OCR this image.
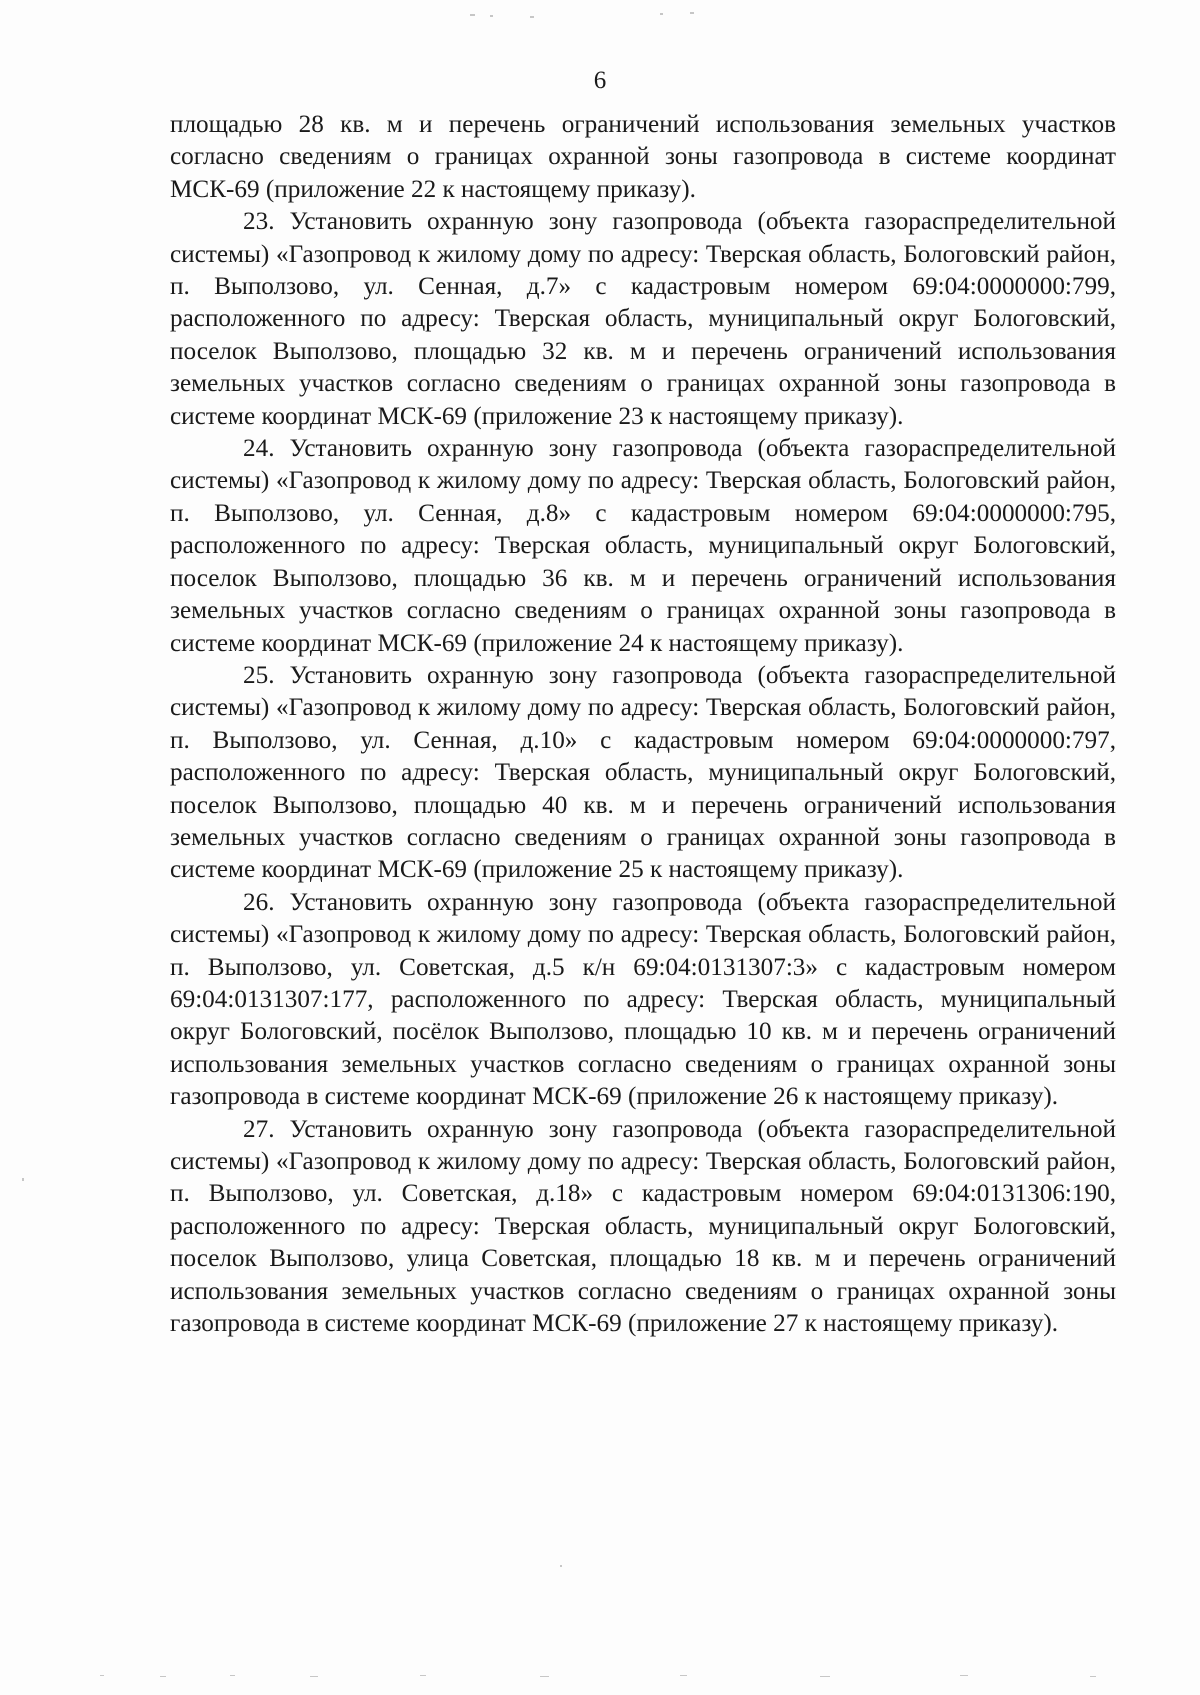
6

площадью 28 кв. м и перечень ограничений использования земельных участков согласно сведениям о границах охранной зоны газопровода в системе координат МСК-69 (приложение 22 к настоящему приказу).

23. Установить охранную зону газопровода (объекта газораспределительной системы) «Газопровод к жилому дому по адресу: Тверская область, Бологовский район, п. Выползово, ул. Сенная, д.7» с кадастровым номером 69:04:0000000:799, расположенного по адресу: Тверская область, муниципальный округ Бологовский, поселок Выползово, площадью 32 кв. м и перечень ограничений использования земельных участков согласно сведениям о границах охранной зоны газопровода в системе координат МСК-69 (приложение 23 к настоящему приказу).

24. Установить охранную зону газопровода (объекта газораспределительной системы) «Газопровод к жилому дому по адресу: Тверская область, Бологовский район, п. Выползово, ул. Сенная, д.8» с кадастровым номером 69:04:0000000:795, расположенного по адресу: Тверская область, муниципальный округ Бологовский, поселок Выползово, площадью 36 кв. м и перечень ограничений использования земельных участков согласно сведениям о границах охранной зоны газопровода в системе координат МСК-69 (приложение 24 к настоящему приказу).

25. Установить охранную зону газопровода (объекта газораспределительной системы) «Газопровод к жилому дому по адресу: Тверская область, Бологовский район, п. Выползово, ул. Сенная, д.10» с кадастровым номером 69:04:0000000:797, расположенного по адресу: Тверская область, муниципальный округ Бологовский, поселок Выползово, площадью 40 кв. м и перечень ограничений использования земельных участков согласно сведениям о границах охранной зоны газопровода в системе координат МСК-69 (приложение 25 к настоящему приказу).

26. Установить охранную зону газопровода (объекта газораспределительной системы) «Газопровод к жилому дому по адресу: Тверская область, Бологовский район, п. Выползово, ул. Советская, д.5 к/н 69:04:0131307:3» с кадастровым номером 69:04:0131307:177, расположенного по адресу: Тверская область, муниципальный округ Бологовский, посёлок Выползово, площадью 10 кв. м и перечень ограничений использования земельных участков согласно сведениям о границах охранной зоны газопровода в системе координат МСК-69 (приложение 26 к настоящему приказу).

27. Установить охранную зону газопровода (объекта газораспределительной системы) «Газопровод к жилому дому по адресу: Тверская область, Бологовский район, п. Выползово, ул. Советская, д.18» с кадастровым номером 69:04:0131306:190, расположенного по адресу: Тверская область, муниципальный округ Бологовский, поселок Выползово, улица Советская, площадью 18 кв. м и перечень ограничений использования земельных участков согласно сведениям о границах охранной зоны газопровода в системе координат МСК-69 (приложение 27 к настоящему приказу).
